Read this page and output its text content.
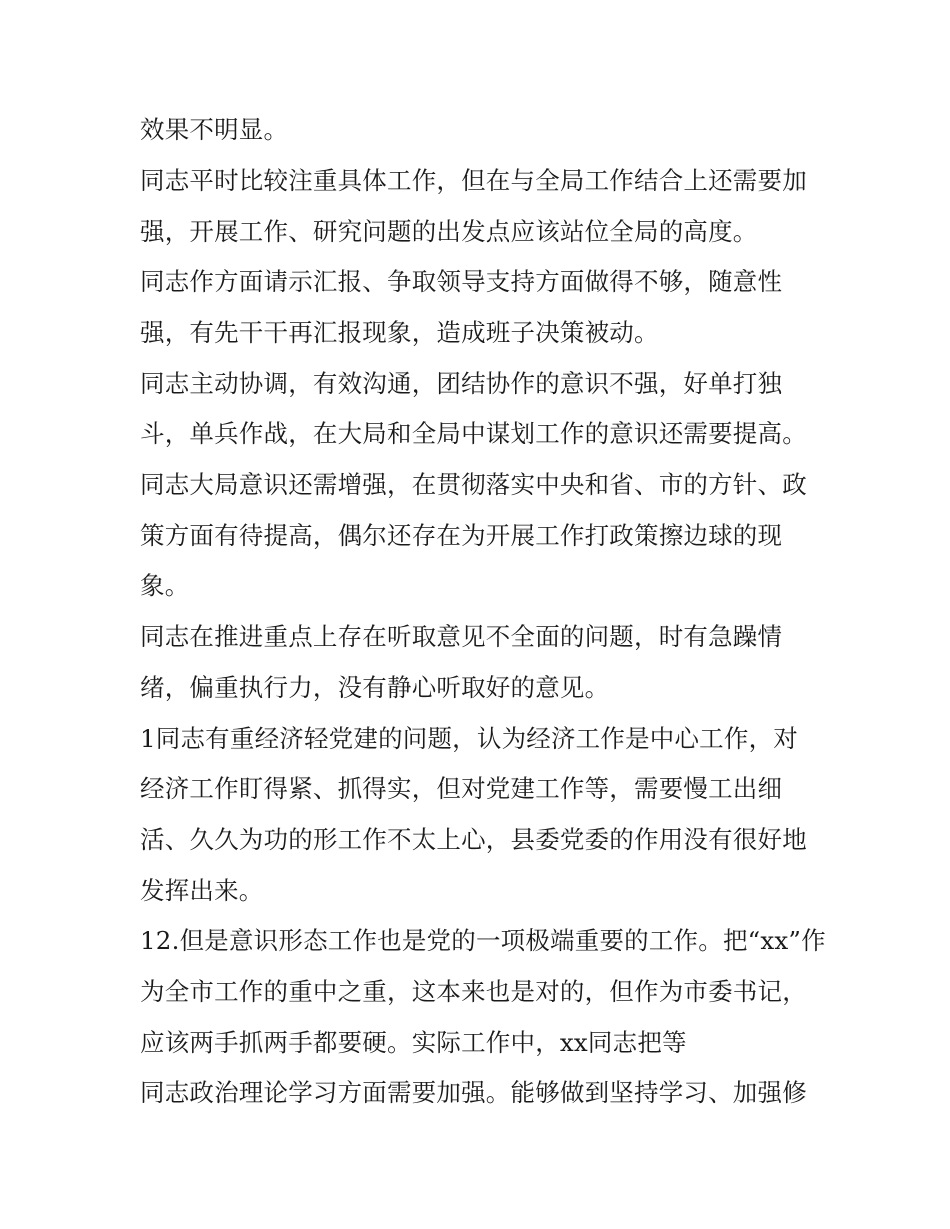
效果不明显。
同志平时比较注重具体工作，但在与全局工作结合上还需要加
强，开展工作、研究问题的出发点应该站位全局的高度。
同志作方面请示汇报、争取领导支持方面做得不够，随意性
强，有先干干再汇报现象，造成班子决策被动。
同志主动协调，有效沟通，团结协作的意识不强，好单打独
斗，单兵作战，在大局和全局中谋划工作的意识还需要提高。
同志大局意识还需增强，在贯彻落实中央和省、市的方针、政
策方面有待提高，偶尔还存在为开展工作打政策擦边球的现
象。
同志在推进重点上存在听取意见不全面的问题，时有急躁情
绪，偏重执行力，没有静心听取好的意见。
1同志有重经济轻党建的问题，认为经济工作是中心工作，对
经济工作盯得紧、抓得实，但对党建工作等，需要慢工出细
活、久久为功的形工作不太上心，县委党委的作用没有很好地
发挥出来。
12.但是意识形态工作也是党的一项极端重要的工作。把“xx”作
为全市工作的重中之重，这本来也是对的，但作为市委书记，
应该两手抓两手都要硬。实际工作中，xx同志把等
同志政治理论学习方面需要加强。能够做到坚持学习、加强修
